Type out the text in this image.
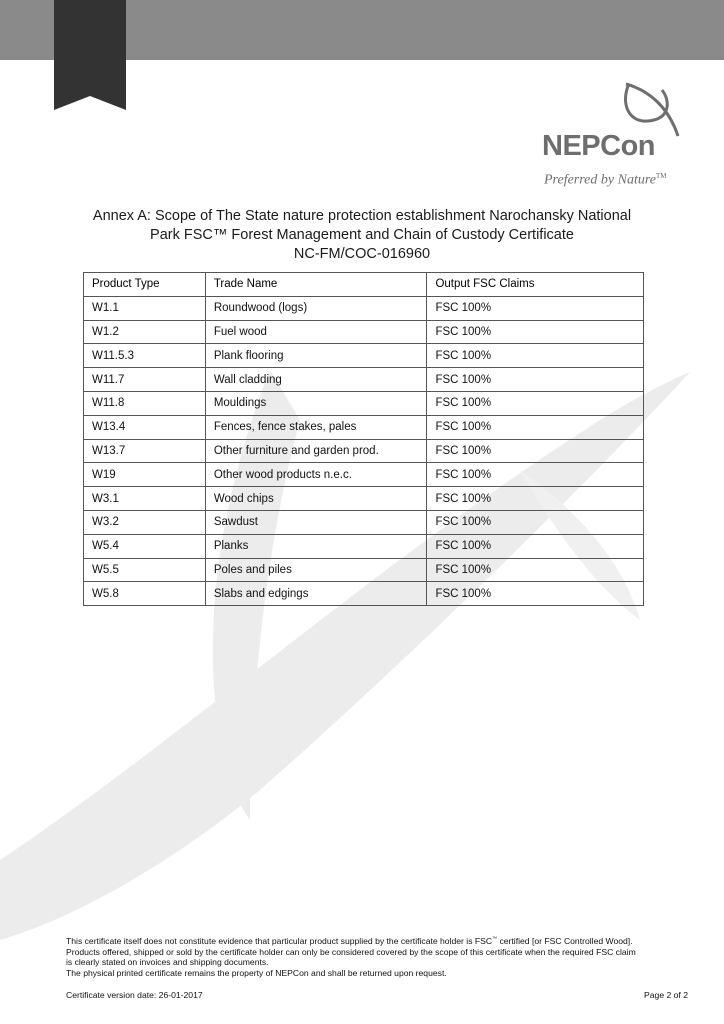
NEPCon
Preferred by Nature™
Annex A: Scope of The State nature protection establishment Narochansky National
Park FSC™ Forest Management and Chain of Custody Certificate
NC-FM/COC-016960
Product Type	Trade Name	Output FSC Claims
W1.1	Roundwood (logs)	FSC 100%
W1.2	Fuel wood	FSC 100%
W11.5.3	Plank flooring	FSC 100%
W11.7	Wall cladding	FSC 100%
W11.8	Mouldings	FSC 100%
W13.4	Fences, fence stakes, pales	FSC 100%
W13.7	Other furniture and garden prod.	FSC 100%
W19	Other wood products n.e.c.	FSC 100%
W3.1	Wood chips	FSC 100%
W3.2	Sawdust	FSC 100%
W5.4	Planks	FSC 100%
W5.5	Poles and piles	FSC 100%
W5.8	Slabs and edgings	FSC 100%

This certificate itself does not constitute evidence that particular product supplied by the certificate holder is FSC™ certified [or FSC Controlled Wood].

Products offered, shipped or sold by the certificate holder can only be considered covered by the scope of this certificate when the required FSC claim

is clearly stated on invoices and shipping documents.

The physical printed certificate remains the property of NEPCon and shall be returned upon request.

Certificate version date: 26-01-2017	Page 2 of 2
